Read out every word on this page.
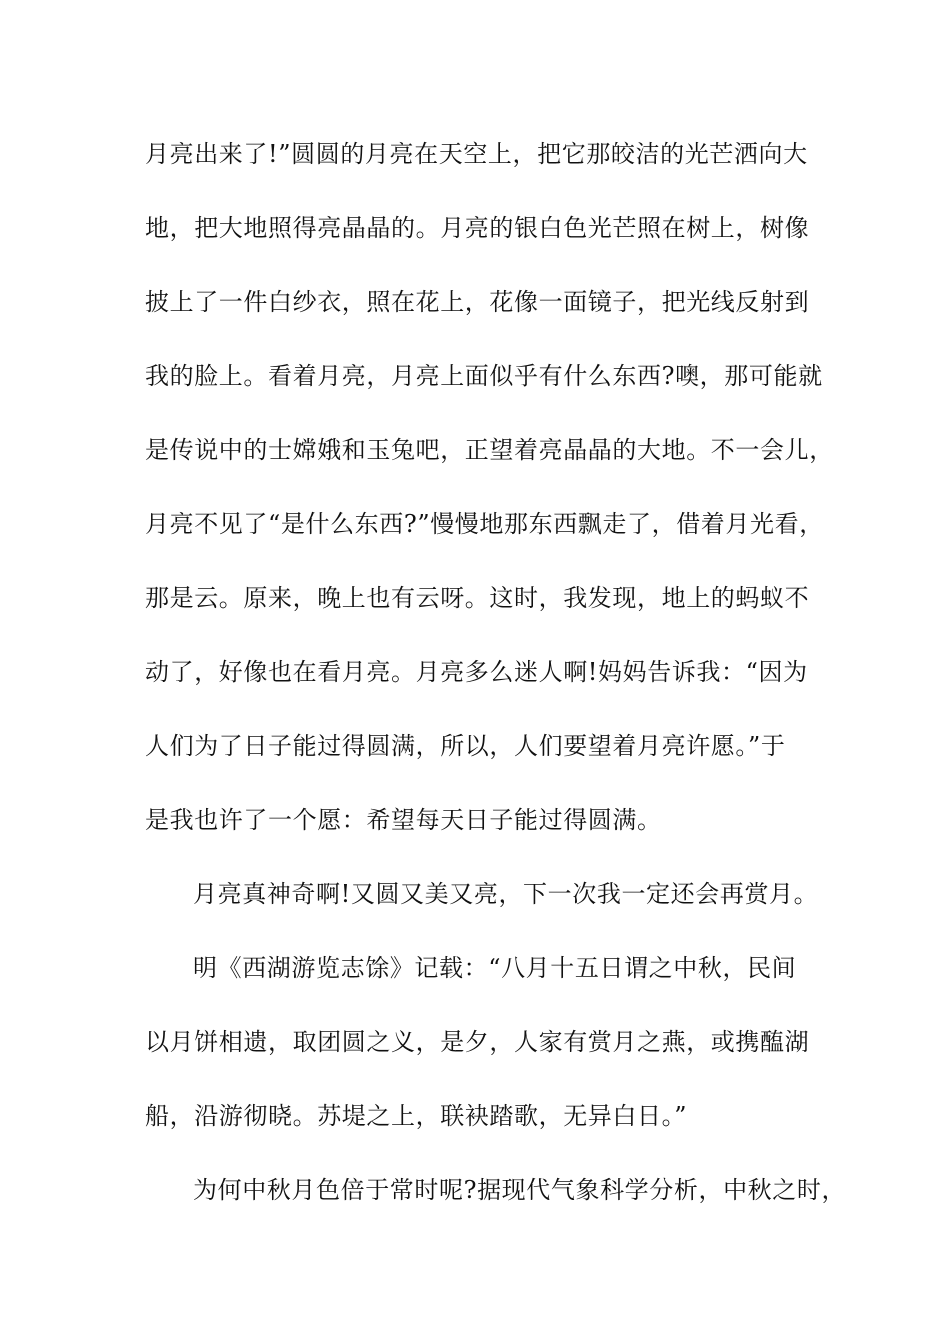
月亮出来了!”圆圆的月亮在天空上，把它那皎洁的光芒洒向大
地，把大地照得亮晶晶的。月亮的银白色光芒照在树上，树像
披上了一件白纱衣，照在花上，花像一面镜子，把光线反射到
我的脸上。看着月亮，月亮上面似乎有什么东西?噢，那可能就
是传说中的士嫦娥和玉兔吧，正望着亮晶晶的大地。不一会儿，
月亮不见了“是什么东西?”慢慢地那东西飘走了，借着月光看，
那是云。原来，晚上也有云呀。这时，我发现，地上的蚂蚁不
动了，好像也在看月亮。月亮多么迷人啊!妈妈告诉我：“因为
人们为了日子能过得圆满，所以，人们要望着月亮许愿。”于
是我也许了一个愿：希望每天日子能过得圆满。
月亮真神奇啊!又圆又美又亮，下一次我一定还会再赏月。
明《西湖游览志馀》记载：“八月十五日谓之中秋，民间
以月饼相遗，取团圆之义，是夕，人家有赏月之燕，或携醢湖
船，沿游彻晓。苏堤之上，联袂踏歌，无异白日。”
为何中秋月色倍于常时呢?据现代气象科学分析，中秋之时，
